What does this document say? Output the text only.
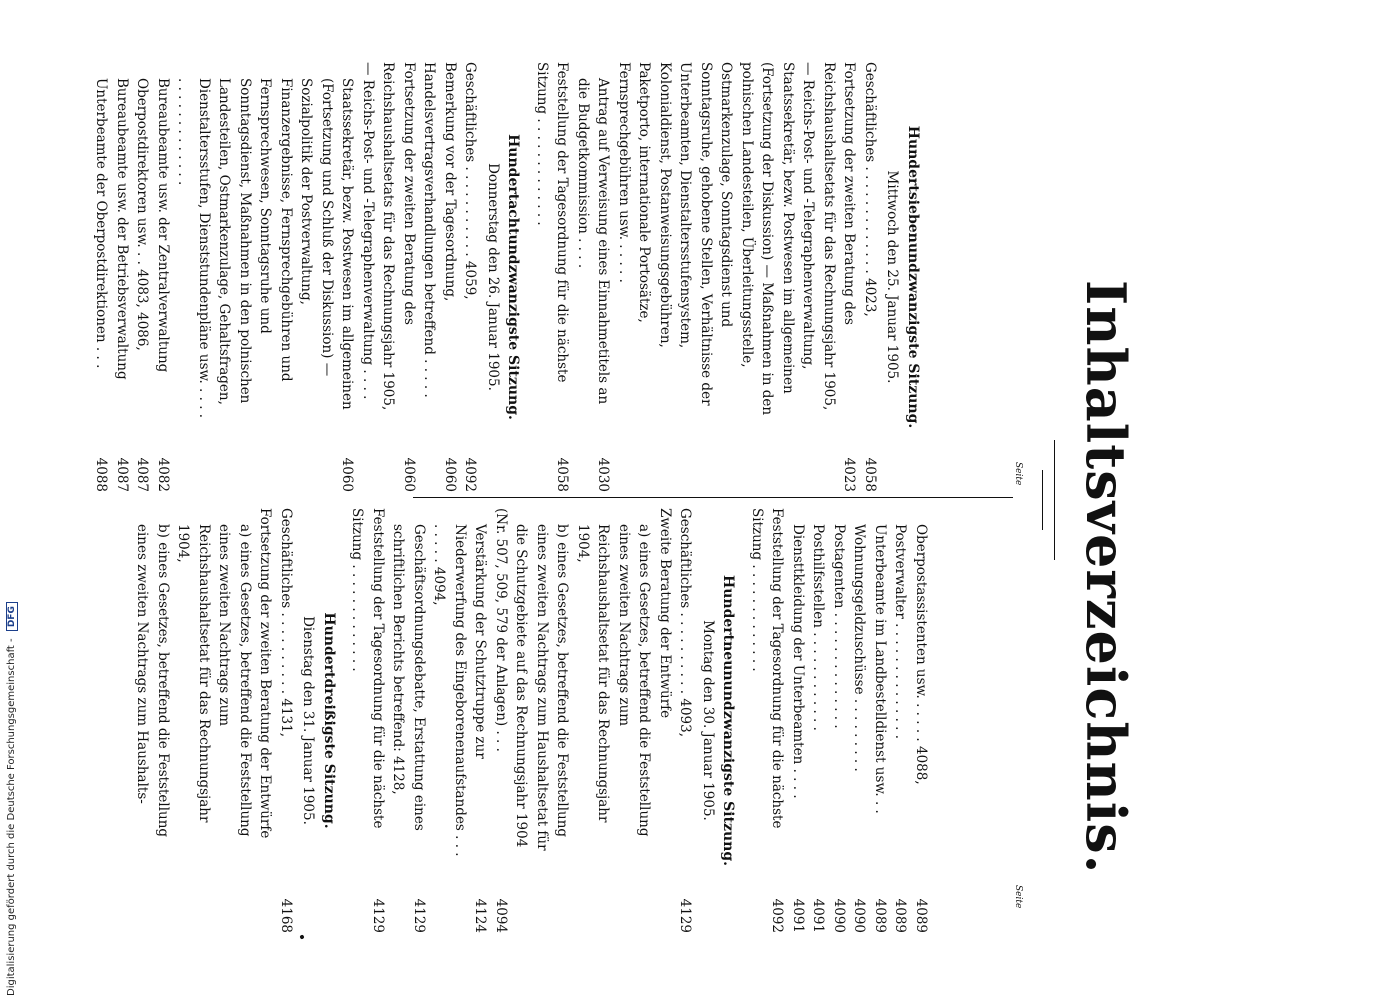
Inhaltsverzeichnis.
Seite
Seite
Hundertsiebenundzwanzigste Sitzung.
Mittwoch den 25. Januar 1905.
Geschäftliches . . . . . . . . . . . . . 4023,
4058
Fortsetzung der zweiten Beratung des Reichshaushaltsetats für das Rechnungsjahr 1905, — Reichs-Post- und -Telegraphenverwaltung, Staatssekretär, bezw. Postwesen im allgemeinen (Fortsetzung der Diskussion) — Maßnahmen in den polnischen Landesteilen, Überleitungsstelle, Ostmarkenzulage, Sonntagsdienst und Sonntagsruhe, gehobene Stellen, Verhältnisse der Unterbeamten, Dienstaltersstufensystem, Kolonialdienst, Postanweisungsgebühren, Paketporto, internationale Portosätze, Fernsprechgebühren usw. . . . . .
4023
Antrag auf Verweisung eines Einnahmetitels an die Budgetkommission . . . .
4030
Feststellung der Tagesordnung für die nächste Sitzung . . . . . . . . . . . . .
4058
Hundertachtundzwanzigste Sitzung.
Donnerstag den 26. Januar 1905.
Geschäftliches . . . . . . . . . . . 4059,
4092
Bemerkung vor der Tagesordnung, Handelsvertragsverhandlungen betreffend . . . . .
4060
Fortsetzung der zweiten Beratung des Reichshaushaltsetats für das Rechnungsjahr 1905, — Reichs-Post- und -Telegraphenverwaltung . . . .
4060
Staatssekretär, bezw. Postwesen im allgemeinen (Fortsetzung und Schluß der Diskussion) — Sozialpolitik der Postverwaltung, Finanzergebnisse, Fernsprechgebühren und Fernsprechwesen, Sonntagsruhe und Sonntagsdienst, Maßnahmen in den polnischen Landesteilen, Ostmarkenzulage, Gehaltsfragen, Dienstaltersstufen, Dienststundenpläne usw. . . . . . . . . . . . . . . . . .
4060
Bureaubeamte usw. der Zentralverwaltung
4082
Oberpostdirektoren usw. . . 4083, 4086,
4087
Bureaubeamte usw. der Betriebsverwaltung
4087
Unterbeamte der Oberpostdirektionen . . .
4088
Oberpostassistenten usw. . . . . . 4088,
4089
Postverwalter . . . . . . . . . . . . . .
4089
Unterbeamte im Landbestelldienst usw. . .
4089
Wohnungsgeldzuschüsse . . . . . . . . .
4090
Postagenten . . . . . . . . . . . . . .
4090
Posthilfsstellen . . . . . . . . . . . .
4091
Diensttkleidung der Unterbeamten . . . .
4091
Feststellung der Tagesordnung für die nächste Sitzung . . . . . . . . . . . . .
4092
Hundertneunundzwanzigste Sitzung.
Montag den 30. Januar 1905.
Geschäftliches . . . . . . . . . . 4093,
4129
Zweite Beratung der Entwürfe
a) eines Gesetzes, betreffend die Feststellung eines zweiten Nachtrags zum Reichshaushaltsetat für das Rechnungsjahr 1904,
b) eines Gesetzes, betreffend die Feststellung eines zweiten Nachtrags zum Haushaltsetat für die Schutzgebiete auf das Rechnungsjahr 1904
(Nr. 507, 509, 579 der Anlagen) . . .
4094
Verstärkung der Schutztruppe zur Niederwerfung des Eingeborenenaufstandes . . . . . . . . 4094,
4124
Geschäftsordnungsdebatte, Erstattung eines schriftlichen Berichts betreffend: 4128,
4129
Feststellung der Tagesordnung für die nächste Sitzung . . . . . . . . . . . . .
4129
Hundertdreißigste Sitzung.
Dienstag den 31. Januar 1905.
Geschäftliches . . . . . . . . . . 4131,
4168
Fortsetzung der zweiten Beratung der Entwürfe
a) eines Gesetzes, betreffend die Feststellung eines zweiten Nachtrags zum Reichshaushaltsetat für das Rechnungsjahr 1904,
b) eines Gesetzes, betreffend die Feststellung eines zweiten Nachtrags zum Haushalts-
Digitalisierung gefördert durch die Deutsche Forschungsgemeinschaft - DFG
